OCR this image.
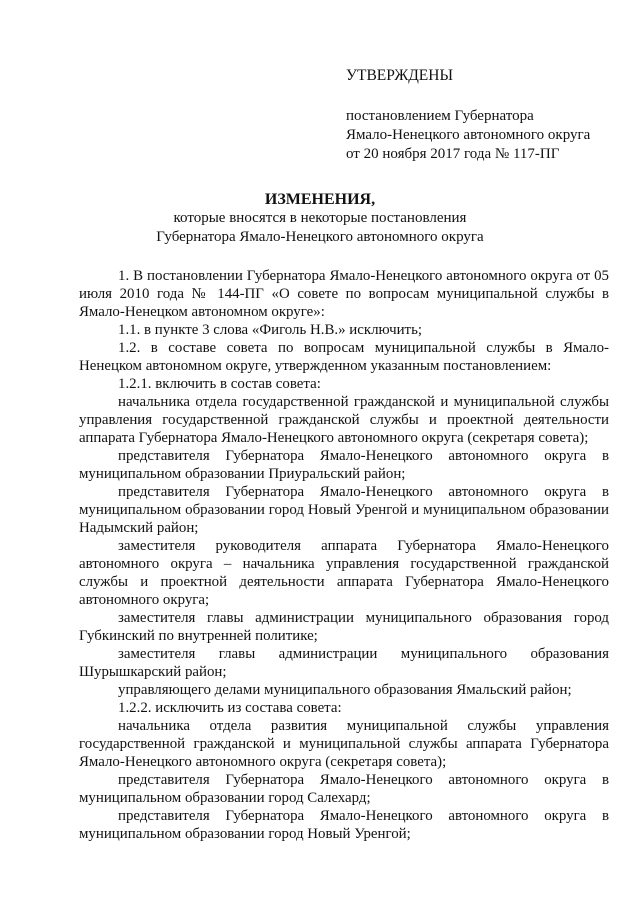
УТВЕРЖДЕНЫ
постановлением Губернатора
Ямало-Ненецкого автономного округа
от 20 ноября 2017 года № 117-ПГ
ИЗМЕНЕНИЯ,
которые вносятся в некоторые постановления
Губернатора Ямало-Ненецкого автономного округа

1. В постановлении Губернатора Ямало-Ненецкого автономного округа от 05 июля 2010 года № 144-ПГ «О совете по вопросам муниципальной службы в Ямало-Ненецком автономном округе»:

1.1. в пункте 3 слова «Фиголь Н.В.» исключить;

1.2. в составе совета по вопросам муниципальной службы в Ямало-Ненецком автономном округе, утвержденном указанным постановлением:

1.2.1. включить в состав совета:

начальника отдела государственной гражданской и муниципальной службы управления государственной гражданской службы и проектной деятельности аппарата Губернатора Ямало-Ненецкого автономного округа (секретаря совета);

представителя Губернатора Ямало-Ненецкого автономного округа в муниципальном образовании Приуральский район;

представителя Губернатора Ямало-Ненецкого автономного округа в муниципальном образовании город Новый Уренгой и муниципальном образовании Надымский район;

заместителя руководителя аппарата Губернатора Ямало-Ненецкого автономного округа – начальника управления государственной гражданской службы и проектной деятельности аппарата Губернатора Ямало-Ненецкого автономного округа;

заместителя главы администрации муниципального образования город Губкинский по внутренней политике;

заместителя главы администрации муниципального образования Шурышкарский район;

управляющего делами муниципального образования Ямальский район;

1.2.2. исключить из состава совета:

начальника отдела развития муниципальной службы управления государственной гражданской и муниципальной службы аппарата Губернатора Ямало-Ненецкого автономного округа (секретаря совета);

представителя Губернатора Ямало-Ненецкого автономного округа в муниципальном образовании город Салехард;

представителя Губернатора Ямало-Ненецкого автономного округа в муниципальном образовании город Новый Уренгой;
